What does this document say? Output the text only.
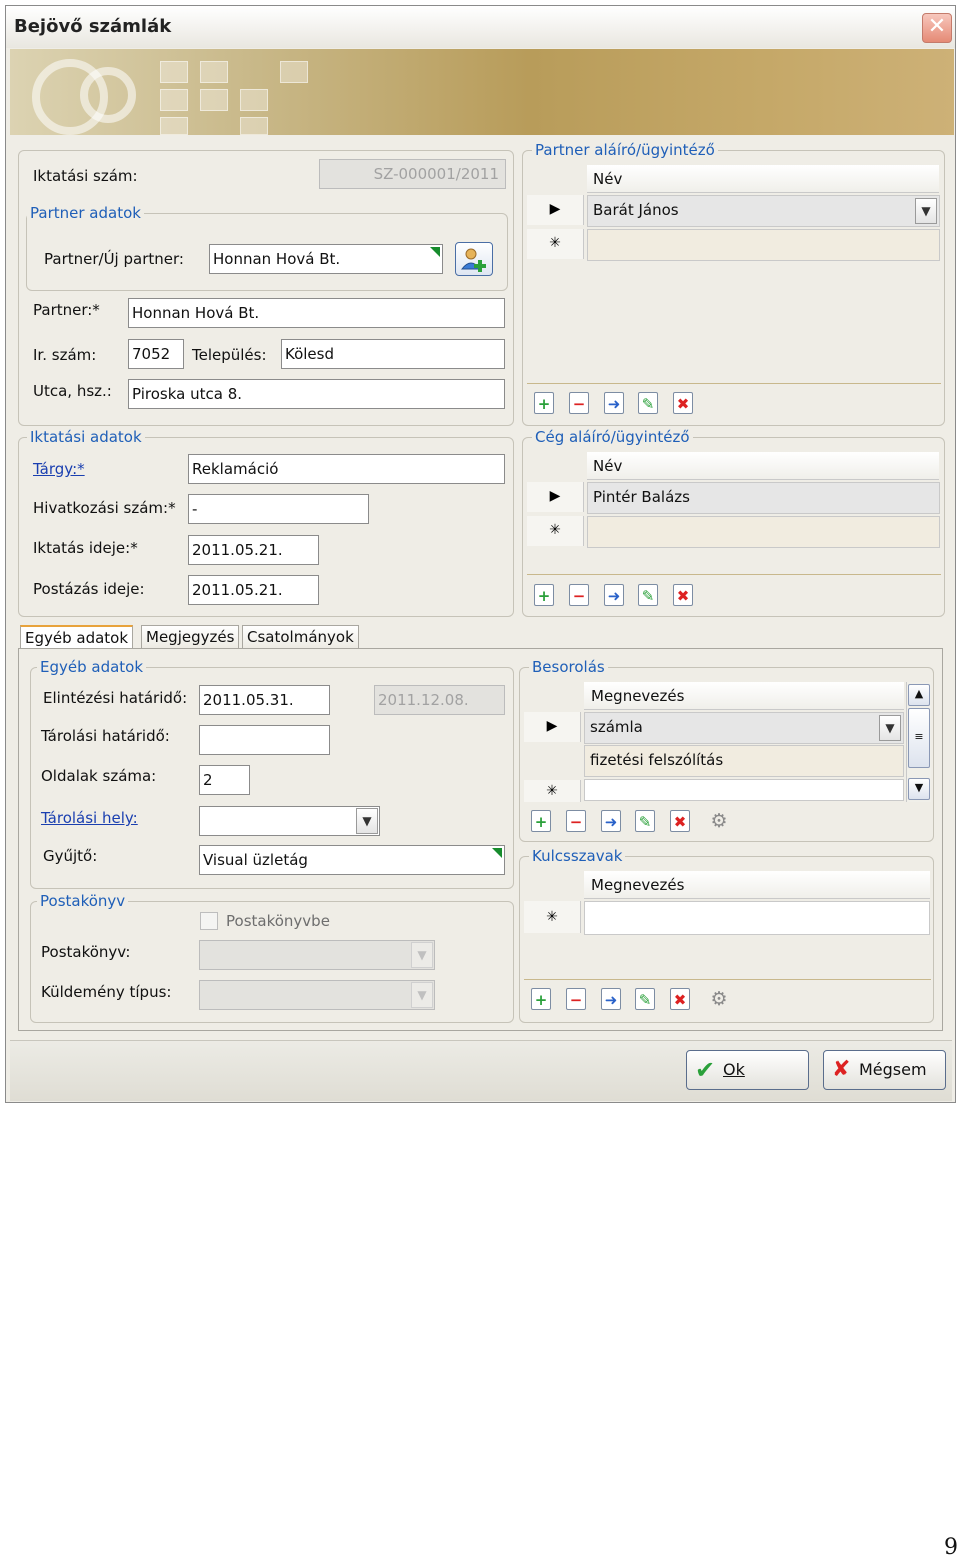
Bejövő számlák	✕
Iktatási szám:	SZ-000001/2011
Partner adatok
Partner/Új partner: Honnan Hová Bt.
Partner:* Honnan Hová Bt.
Ir. szám: 7052	Település: Kölesd
Utca, hsz.: Piroska utca 8.
Iktatási adatok
Tárgy:*	Reklamáció
Hivatkozási szám:* -
Iktatás ideje:*	2011.05.21.
Postázás ideje:	2011.05.21.
Partner aláíró/ügyintéző
Név
▶	Barát János	▼
✳
+ − ➜ ✎ ✖
Cég aláíró/ügyintéző
Név
▶	Pintér Balázs
✳
+ − ➜ ✎ ✖
Egyéb adatok	Megjegyzés Csatolmányok
Egyéb adatok
Elintézési határidő: 2011.05.31.	2011.12.08.
Tárolási határidő:
Oldalak száma:	2
Tárolási hely:	▼
Gyűjtő:	Visual üzletág
Postakönyv
Postakönyvbe
Postakönyv:	▼
Küldemény típus:	▼
Besorolás
Megnevezés
▶	számla	▼
fizetési felszólítás
✳
▲
≡
▼
+ − ➜ ✎ ✖ ⚙
Kulcsszavak
Megnevezés
✳
+ − ➜ ✎ ✖ ⚙
✔ Ok	✘ Mégsem
9
